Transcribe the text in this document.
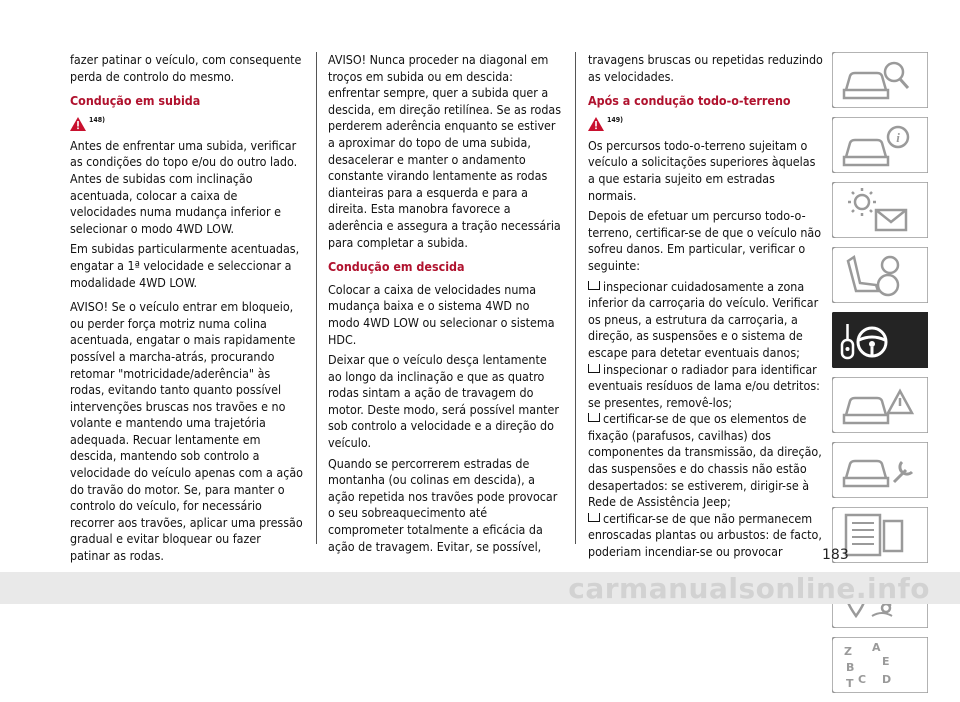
fazer patinar o veículo, com consequente perda de controlo do mesmo.

Condução em subida

148)

Antes de enfrentar uma subida, verificar as condições do topo e/ou do outro lado. Antes de subidas com inclinação acentuada, colocar a caixa de velocidades numa mudança inferior e selecionar o modo 4WD LOW.

Em subidas particularmente acentuadas, engatar a 1ª velocidade e seleccionar a modalidade 4WD LOW.

AVISO! Se o veículo entrar em bloqueio, ou perder força motriz numa colina acentuada, engatar o mais rapidamente possível a marcha-atrás, procurando retomar "motricidade/aderência" às rodas, evitando tanto quanto possível intervenções bruscas nos travões e no volante e mantendo uma trajetória adequada. Recuar lentamente em descida, mantendo sob controlo a velocidade do veículo apenas com a ação do travão do motor. Se, para manter o controlo do veículo, for necessário recorrer aos travões, aplicar uma pressão gradual e evitar bloquear ou fazer patinar as rodas.

AVISO! Nunca proceder na diagonal em troços em subida ou em descida: enfrentar sempre, quer a subida quer a descida, em direção retilínea. Se as rodas perderem aderência enquanto se estiver a aproximar do topo de uma subida, desacelerar e manter o andamento constante virando lentamente as rodas dianteiras para a esquerda e para a direita. Esta manobra favorece a aderência e assegura a tração necessária para completar a subida.

Condução em descida

Colocar a caixa de velocidades numa mudança baixa e o sistema 4WD no modo 4WD LOW ou selecionar o sistema HDC.

Deixar que o veículo desça lentamente ao longo da inclinação e que as quatro rodas sintam a ação de travagem do motor. Deste modo, será possível manter sob controlo a velocidade e a direção do veículo.

Quando se percorrerem estradas de montanha (ou colinas em descida), a ação repetida nos travões pode provocar o seu sobreaquecimento até comprometer totalmente a eficácia da ação de travagem. Evitar, se possível,

travagens bruscas ou repetidas reduzindo as velocidades.

Após a condução todo-o-terreno

149)

Os percursos todo-o-terreno sujeitam o veículo a solicitações superiores àquelas a que estaria sujeito em estradas normais.

Depois de efetuar um percurso todo-o-terreno, certificar-se de que o veículo não sofreu danos. Em particular, verificar o seguinte:

inspecionar cuidadosamente a zona inferior da carroçaria do veículo. Verificar os pneus, a estrutura da carroçaria, a direção, as suspensões e o sistema de escape para detetar eventuais danos;

inspecionar o radiador para identificar eventuais resíduos de lama e/ou detritos: se presentes, removê-los;

certificar-se de que os elementos de fixação (parafusos, cavilhas) dos componentes da transmissão, da direção, das suspensões e do chassis não estão desapertados: se estiverem, dirigir-se à Rede de Assistência Jeep;

certificar-se de que não permanecem enroscadas plantas ou arbustos: de facto, poderiam incendiar-se ou provocar

i
Z A
B
C
E
T	D
183
carmanualsonline.info
